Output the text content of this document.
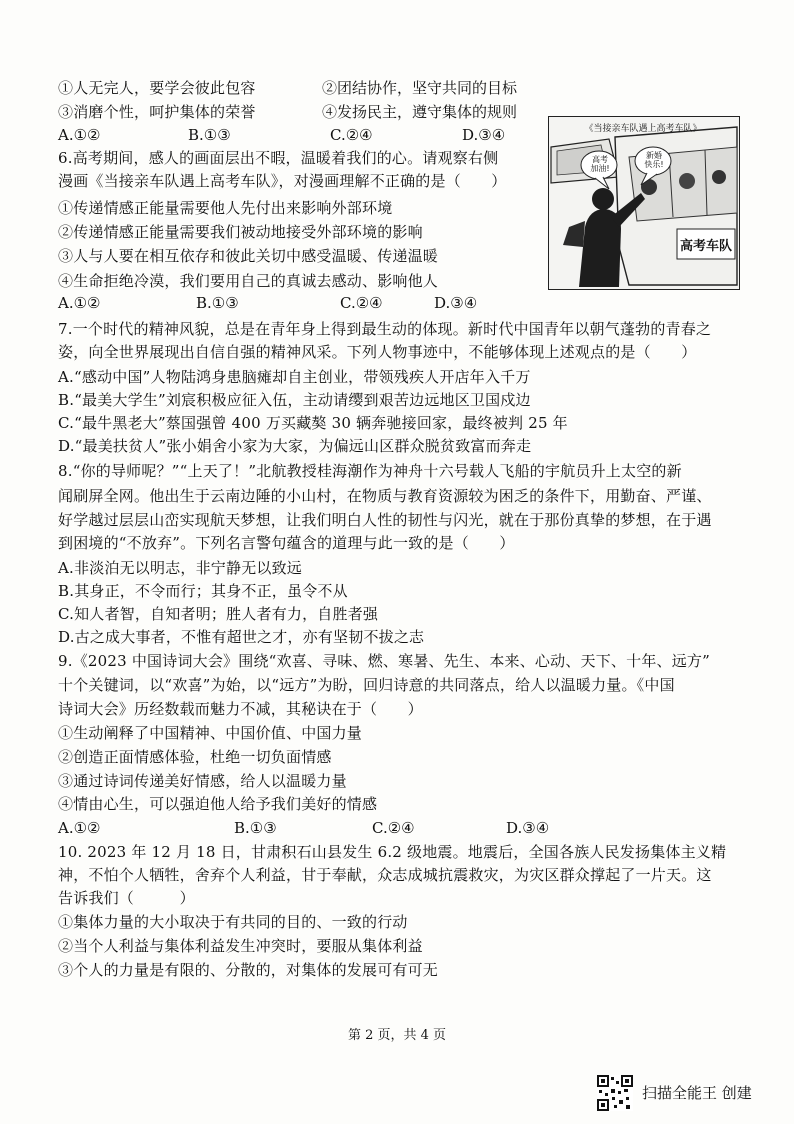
①人无完人，要学会彼此包容	②团结协作，坚守共同的目标
③消磨个性，呵护集体的荣誉	④发扬民主，遵守集体的规则
A.①②	B.①③	C.②④	D.③④
6.高考期间，感人的画面层出不暇，温暖着我们的心。请观察右侧
漫画《当接亲车队遇上高考车队》，对漫画理解不正确的是（　　）
①传递情感正能量需要他人先付出来影响外部环境
②传递情感正能量需要我们被动地接受外部环境的影响
③人与人要在相互依存和彼此关切中感受温暖、传递温暖
④生命拒绝冷漠，我们要用自己的真诚去感动、影响他人
A.①②	B.①③	C.②④	D.③④
高考
加油!
新婚
快乐!
高考车队
《当接亲车队遇上高考车队》
7.一个时代的精神风貌，总是在青年身上得到最生动的体现。新时代中国青年以朝气蓬勃的青春之
姿，向全世界展现出自信自强的精神风采。下列人物事迹中，不能够体现上述观点的是（　　）
A.“感动中国”人物陆鸿身患脑瘫却自主创业，带领残疾人开店年入千万
B.“最美大学生”刘宸积极应征入伍，主动请缨到艰苦边远地区卫国戍边
C.“最牛黑老大”蔡国强曾 400 万买藏獒 30 辆奔驰接回家，最终被判 25 年
D.“最美扶贫人”张小娟舍小家为大家，为偏远山区群众脱贫致富而奔走
8.“你的导师呢？”“上天了！”北航教授桂海潮作为神舟十六号载人飞船的宇航员升上太空的新
闻刷屏全网。他出生于云南边陲的小山村，在物质与教育资源较为困乏的条件下，用勤奋、严谨、
好学越过层层山峦实现航天梦想，让我们明白人性的韧性与闪光，就在于那份真挚的梦想，在于遇
到困境的“不放弃”。下列名言警句蕴含的道理与此一致的是（　　）
A.非淡泊无以明志，非宁静无以致远
B.其身正，不令而行；其身不正，虽令不从
C.知人者智，自知者明；胜人者有力，自胜者强
D.古之成大事者，不惟有超世之才，亦有坚韧不拔之志
9.《2023 中国诗词大会》围绕“欢喜、寻味、燃、寒暑、先生、本来、心动、天下、十年、远方”
十个关键词，以“欢喜”为始，以“远方”为盼，回归诗意的共同落点，给人以温暖力量。《中国
诗词大会》历经数载而魅力不减，其秘诀在于（　　）
①生动阐释了中国精神、中国价值、中国力量
②创造正面情感体验，杜绝一切负面情感
③通过诗词传递美好情感，给人以温暖力量
④情由心生，可以强迫他人给予我们美好的情感
A.①②	B.①③	C.②④	D.③④
10. 2023 年 12 月 18 日，甘肃积石山县发生 6.2 级地震。地震后，全国各族人民发扬集体主义精
神，不怕个人牺牲，舍弃个人利益，甘于奉献，众志成城抗震救灾，为灾区群众撑起了一片天。这
告诉我们（　　　）
①集体力量的大小取决于有共同的目的、一致的行动
②当个人利益与集体利益发生冲突时，要服从集体利益
③个人的力量是有限的、分散的，对集体的发展可有可无
第 2 页，共 4 页
扫描全能王 创建
